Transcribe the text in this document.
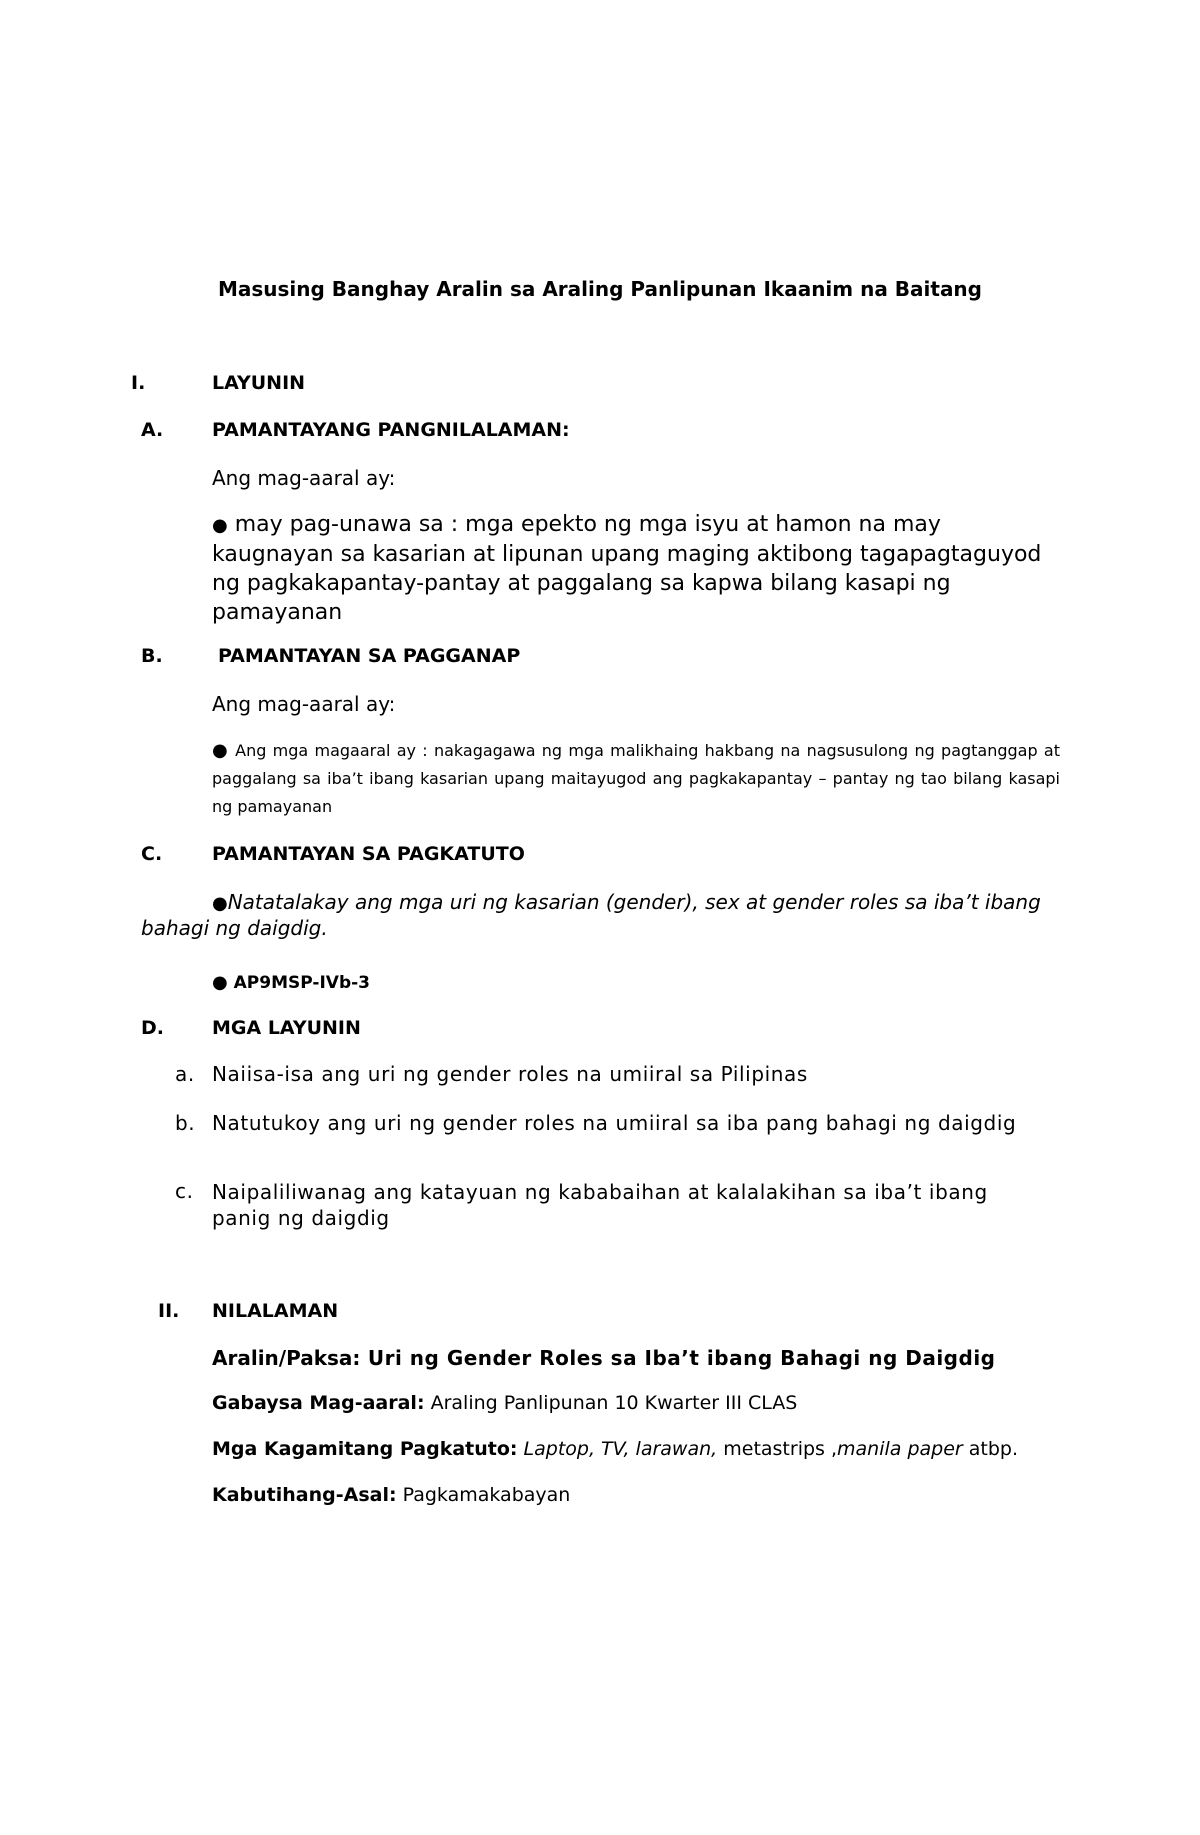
Masusing Banghay Aralin sa Araling Panlipunan Ikaanim na Baitang
I.	LAYUNIN
A.	PAMANTAYANG PANGNILALAMAN:
Ang mag-aaral ay:
● may pag-unawa sa : mga epekto ng mga isyu at hamon na may kaugnayan sa kasarian at lipunan upang maging aktibong tagapagtaguyod ng pagkakapantay-pantay at paggalang sa kapwa bilang kasapi ng pamayanan
B.	PAMANTAYAN SA PAGGANAP
Ang mag-aaral ay:
● Ang mga magaaral ay : nakagagawa ng mga malikhaing hakbang na nagsusulong ng pagtanggap at paggalang sa iba’t ibang kasarian upang maitayugod ang pagkakapantay – pantay ng tao bilang kasapi ng pamayanan
C.	PAMANTAYAN SA PAGKATUTO
●Natatalakay ang mga uri ng kasarian (gender), sex at gender roles sa iba’t ibang bahagi ng daigdig.
● AP9MSP-IVb-3
D.	MGA LAYUNIN
a. Naiisa-isa ang uri ng gender roles na umiiral sa Pilipinas
b. Natutukoy ang uri ng gender roles na umiiral sa iba pang bahagi ng daigdig
c. Naipaliliwanag ang katayuan ng kababaihan at kalalakihan sa iba’t ibang panig ng daigdig
II. NILALAMAN
Aralin/Paksa: Uri ng Gender Roles sa Iba’t ibang Bahagi ng Daigdig
Gabaysa Mag-aaral: Araling Panlipunan 10 Kwarter III CLAS
Mga Kagamitang Pagkatuto: Laptop, TV, larawan, metastrips ,manila paper atbp.
Kabutihang-Asal: Pagkamakabayan
